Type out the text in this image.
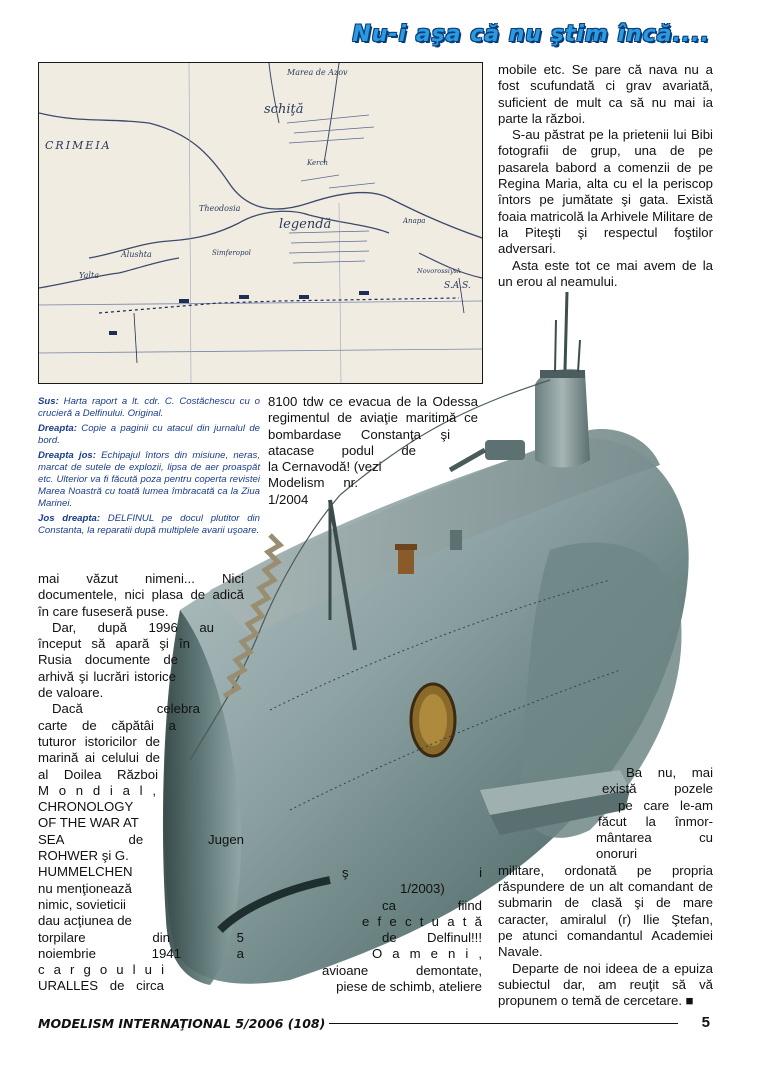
Nu-i aşa că nu ştim încă....
CRIMEIA
Marea de Azov
schiţă
legendă
Theodosia
Alushta
Yalta
Simferopol
Kerch
Anapa
Novorossiysk
S.A.S.

mobile etc. Se pare că nava nu a fost scufundată ci grav avariată, suficient de mult ca să nu mai ia parte la război.

S-au păstrat pe la prietenii lui Bibi fotografii de grup, una de pe pasarela babord a comenzii de pe Regina Maria, alta cu el la periscop întors pe jumătate şi gata. Există foaia matricolă la Arhivele Militare de la Piteşti şi respectul foştilor adversari.

Asta este tot ce mai avem de la un erou al neamului.

Sus: Harta raport a lt. cdr. C. Costăchescu cu o crucieră a Delfinului. Original.

Dreapta: Copie a paginii cu atacul din jurnalul de bord.

Dreapta jos: Echipajul întors din misiune, neras, marcat de sutele de explozii, lipsa de aer proaspăt etc. Ulterior va fi făcută poza pentru coperta revistei Marea Noastră cu toată lumea îmbracată ca la Ziua Marinei.

Jos dreapta: DELFINUL pe docul plutitor din Constanta, la reparatii după multiplele avarii uşoare.

8100 tdw ce evacua de la Odessa
regimentul de aviaţie maritimă ce
bombardase Constanţa şi
atacase podul de
la Cernavodă! (vezi
Modelism nr.
1/2004
mai văzut nimeni... Nici
documentele, nici plasa de adică
în care fuseseră puse.
Dar, după 1996 au
început să apară şi în
Rusia documente de
arhivă şi lucrări istorice
de valoare.
Dacă celebra
carte de căpătâi a
tuturor istoricilor de
marină ai celului de
al Doilea Război
M o n d i a l ,
CHRONOLOGY
OF THE WAR AT
SEA de Jugen
ROHWER şi G.
HUMMELCHEN
nu menţionează
nimic, sovieticii
dau acţiunea de
torpilare din 5
noiembrie 1941 a
c a r g o u l u i
URALLES de circa
ş i
1/2003)
ca fiind
e f e c t u a t ă
de Delfinul!!!
O a m e n i ,
avioane demontate,
piese de schimb, ateliere
Ba nu, mai
există pozele
pe care le-am
făcut la înmor-
mântarea cu onoruri
militare, ordonată pe propria
răspundere de un alt comandant de
submarin de clasă şi de mare
caracter, amiralul (r) Ilie Ştefan,
pe atunci comandantul Academiei
Navale.
Departe de noi ideea de a epuiza
subiectul dar, am reuţit să vă
propunem o temă de cercetare. ■
MODELISM INTERNAŢIONAL 5/2006 (108)	5
